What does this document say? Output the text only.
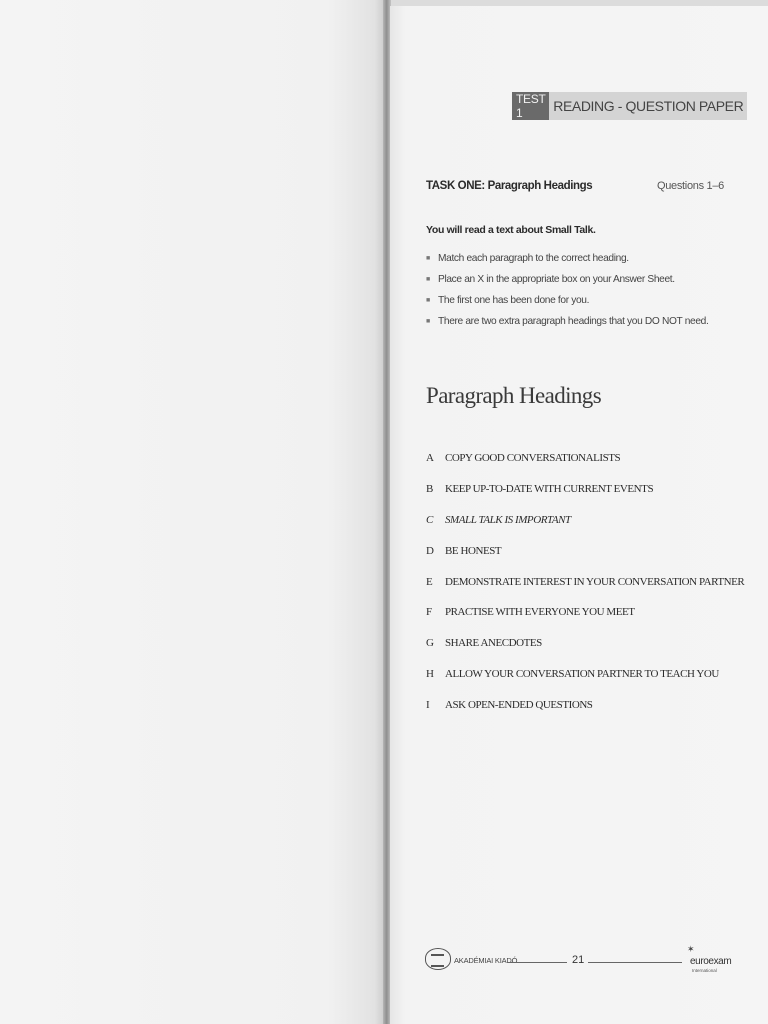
TEST 1	READING - QUESTION PAPER
TASK ONE: Paragraph Headings	Questions 1–6
You will read a text about Small Talk.
■ Match each paragraph to the correct heading.
■ Place an X in the appropriate box on your Answer Sheet.
■ The first one has been done for you.
■ There are two extra paragraph headings that you DO NOT need.
Paragraph Headings
A	COPY GOOD CONVERSATIONALISTS
B	KEEP UP-TO-DATE WITH CURRENT EVENTS
C	SMALL TALK IS IMPORTANT
D	BE HONEST
E	DEMONSTRATE INTEREST IN YOUR CONVERSATION PARTNER
F	PRACTISE WITH EVERYONE YOU MEET
G	SHARE ANECDOTES
H	ALLOW YOUR CONVERSATION PARTNER TO TEACH YOU
I	ASK OPEN-ENDED QUESTIONS
AKADÉMIAI KIADÓ	21
✶
euroexam
International
